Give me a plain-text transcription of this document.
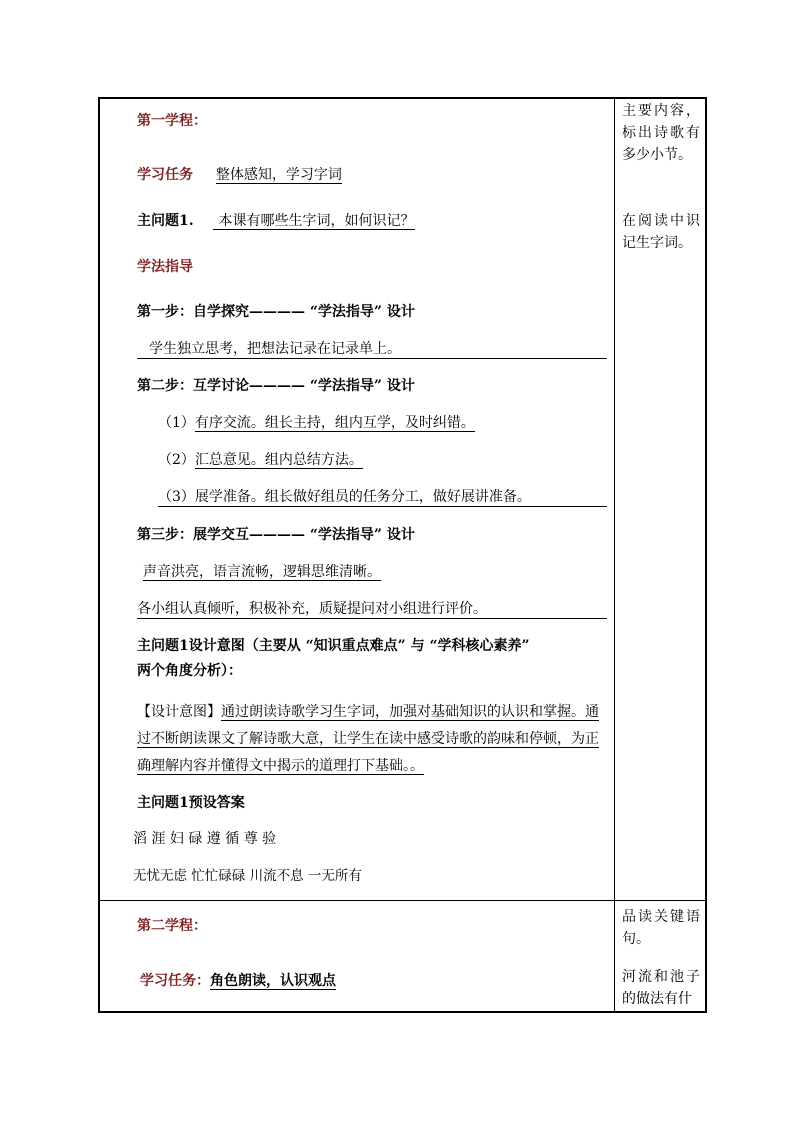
第一学程：
学习任务 整体感知，学习字词
主问题1. 本课有哪些生字词，如何识记？
学法指导
第一步：自学探究———— “学法指导” 设计
学生独立思考，把想法记录在记录单上。
第二步：互学讨论———— “学法指导” 设计
（1）有序交流。组长主持，组内互学，及时纠错。
（2）汇总意见。组内总结方法。
（3）展学准备。组长做好组员的任务分工，做好展讲准备。
第三步：展学交互———— “学法指导” 设计
声音洪亮，语言流畅，逻辑思维清晰。
各小组认真倾听，积极补充，质疑提问对小组进行评价。
主问题1设计意图（主要从 “知识重点难点” 与 “学科核心素养”
两个角度分析）：
【设计意图】通过朗读诗歌学习生字词，加强对基础知识的认识和掌握。通过不断朗读课文了解诗歌大意，让学生在读中感受诗歌的韵味和停顿，为正确理解内容并懂得文中揭示的道理打下基础。。
主问题1预设答案
滔 涯 妇 碌 遵 循 尊 验
无忧无虑 忙忙碌碌 川流不息 一无所有
主要内容，标出诗歌有多少小节。
在阅读中识记生字词。
第二学程：
学习任务：角色朗读，认识观点
品读关键语句。
河流和池子的做法有什
